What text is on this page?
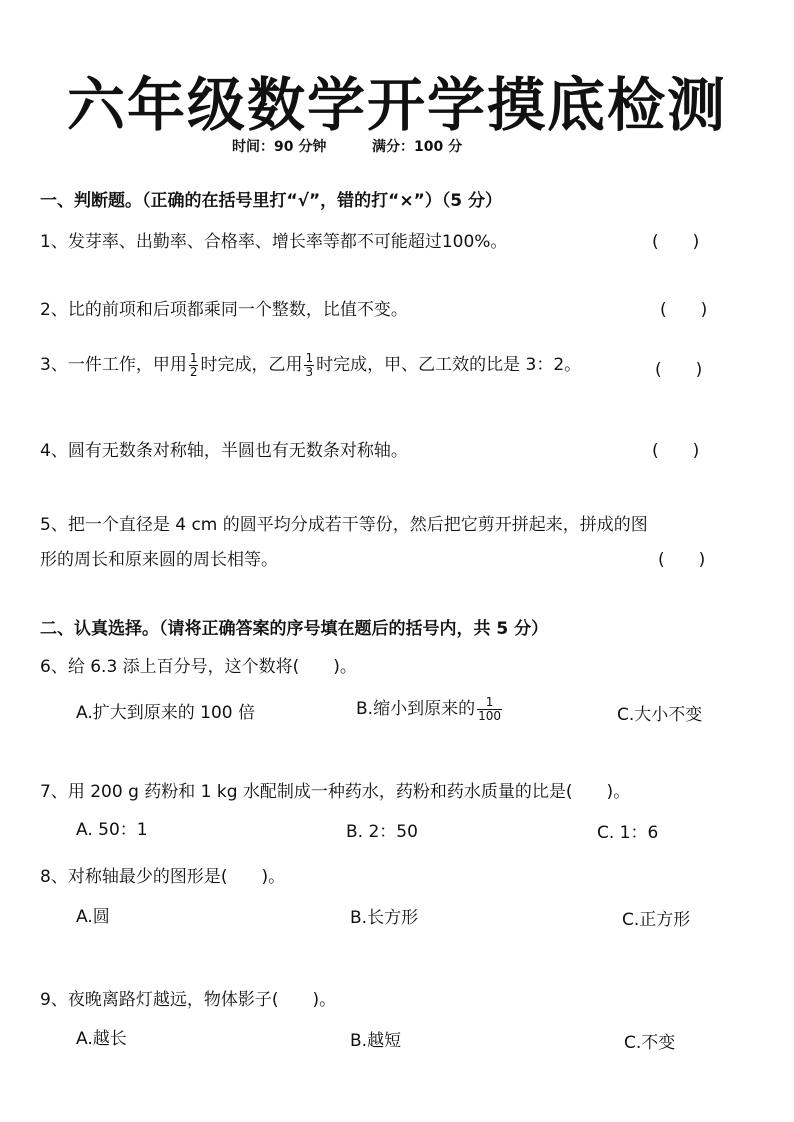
六年级数学开学摸底检测
时间：90 分钟	满分：100 分
一、判断题。（正确的在括号里打“√”，错的打“×”）（5 分）
1、发芽率、出勤率、合格率、增长率等都不可能超过100%。	(　　)
2、比的前项和后项都乘同一个整数，比值不变。	(　　)
3、一件工作，甲用 $\frac{1}{2}$ 时完成，乙用 $\frac{1}{3}$ 时完成，甲、乙工效的比是 3：2。	(　　)
4、圆有无数条对称轴，半圆也有无数条对称轴。	(　　)
5、把一个直径是 4 cm 的圆平均分成若干等份，然后把它剪开拼起来，拼成的图
形的周长和原来圆的周长相等。	(　　)
二、认真选择。（请将正确答案的序号填在题后的括号内，共 5 分）
6、给 6.3 添上百分号，这个数将(　　)。
A.扩大到原来的 100 倍	B.缩小到原来的 $\frac{1}{100}$	C.大小不变
7、用 200 g 药粉和 1 kg 水配制成一种药水，药粉和药水质量的比是(　　)。
A. 50：1	B. 2：50	C. 1：6
8、对称轴最少的图形是(　　)。
A.圆	B.长方形	C.正方形
9、夜晚离路灯越远，物体影子(　　)。
A.越长	B.越短	C.不变
